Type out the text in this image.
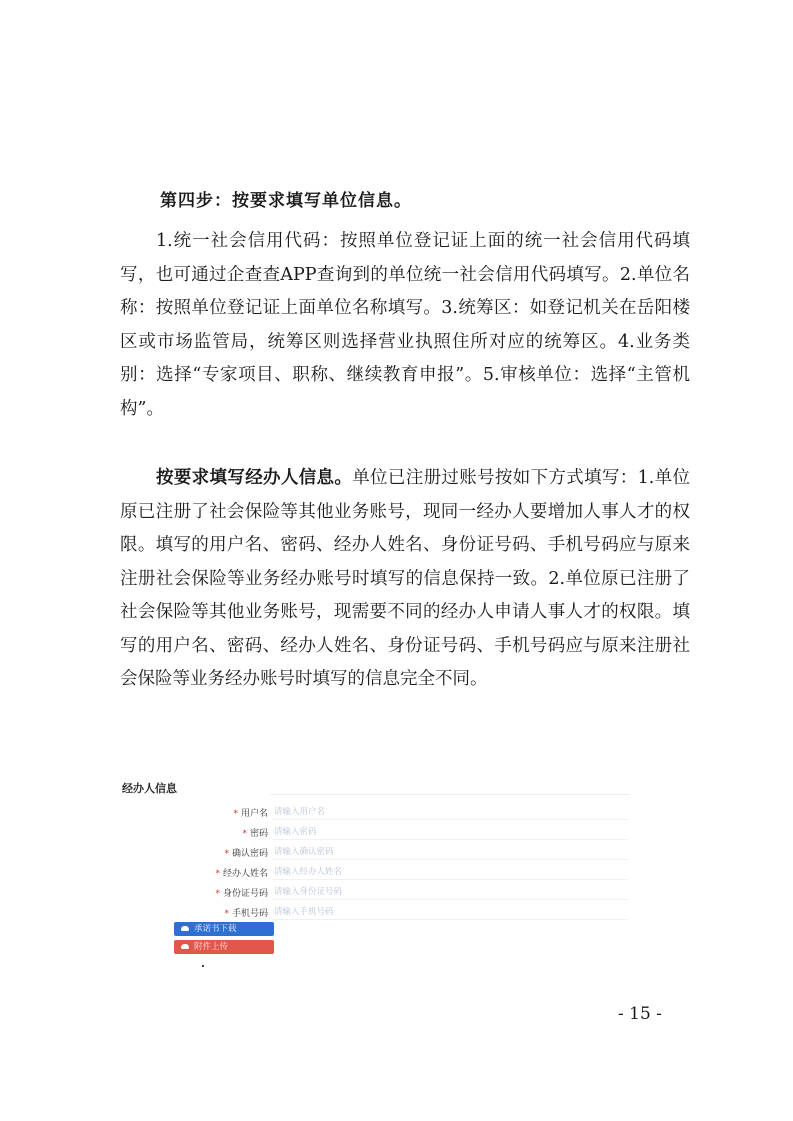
第四步：按要求填写单位信息。

1.统一社会信用代码：按照单位登记证上面的统一社会信用代码填写，也可通过企查查APP查询到的单位统一社会信用代码填写。2.单位名称：按照单位登记证上面单位名称填写。3.统筹区：如登记机关在岳阳楼区或市场监管局，统筹区则选择营业执照住所对应的统筹区。4.业务类别：选择“专家项目、职称、继续教育申报”。5.审核单位：选择“主管机构”。

按要求填写经办人信息。单位已注册过账号按如下方式填写：1.单位原已注册了社会保险等其他业务账号，现同一经办人要增加人事人才的权限。填写的用户名、密码、经办人姓名、身份证号码、手机号码应与原来注册社会保险等业务经办账号时填写的信息保持一致。2.单位原已注册了社会保险等其他业务账号，现需要不同的经办人申请人事人才的权限。填写的用户名、密码、经办人姓名、身份证号码、手机号码应与原来注册社会保险等业务经办账号时填写的信息完全不同。

经办人信息
* 用户名 请输入用户名
* 密码 请输入密码
* 确认密码 请输入确认密码
* 经办人姓名 请输入经办人姓名
* 身份证号码 请输入身份证号码
* 手机号码 请输入手机号码
承诺书下载
附件上传
- 15 -
